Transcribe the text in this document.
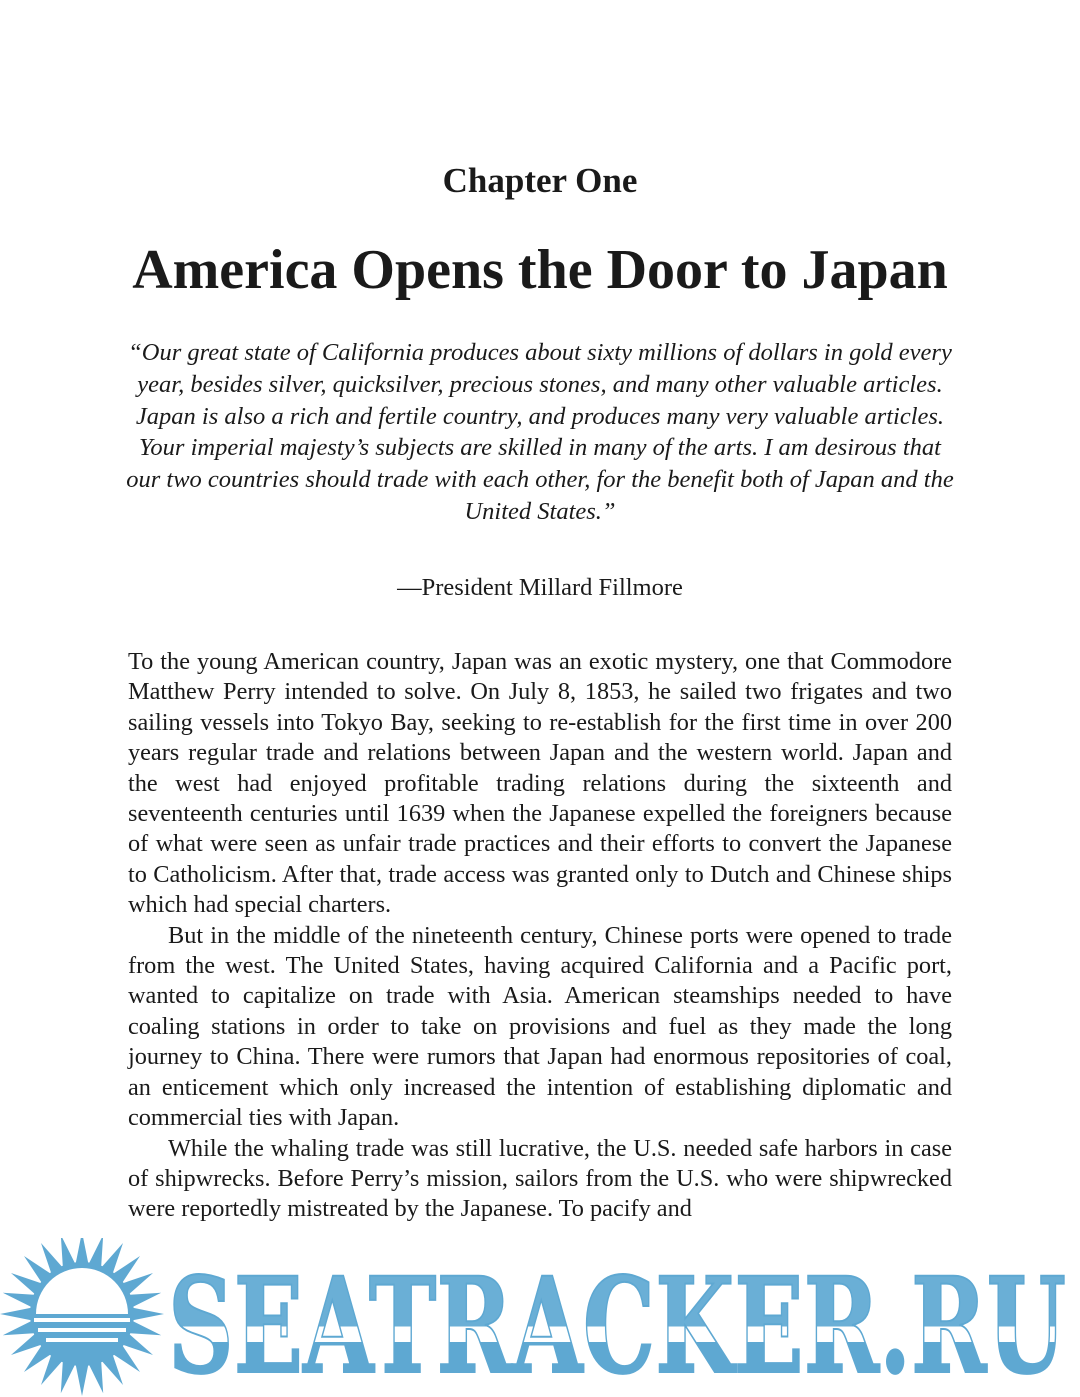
Chapter One
America Opens the Door to Japan

“Our great state of California produces about sixty millions of dollars in gold every year, besides silver, quicksilver, precious stones, and many other valuable articles. Japan is also a rich and fertile country, and produces many very valuable articles. Your imperial majesty’s subjects are skilled in many of the arts. I am desirous that our two countries should trade with each other, for the benefit both of Japan and the United States.”

—President Millard Fillmore

To the young American country, Japan was an exotic mystery, one that Commodore Matthew Perry intended to solve. On July 8, 1853, he sailed two frigates and two sailing vessels into Tokyo Bay, seeking to re-establish for the first time in over 200 years regular trade and relations between Japan and the western world. Japan and the west had enjoyed profitable trading relations during the sixteenth and seventeenth centuries until 1639 when the Japanese expelled the foreigners because of what were seen as unfair trade practices and their efforts to convert the Japanese to Catholicism. After that, trade access was granted only to Dutch and Chinese ships which had special charters.

But in the middle of the nineteenth century, Chinese ports were opened to trade from the west. The United States, having acquired California and a Pacific port, wanted to capitalize on trade with Asia. American steamships needed to have coaling stations in order to take on provisions and fuel as they made the long journey to China. There were rumors that Japan had enormous repositories of coal, an enticement which only increased the intention of establishing diplomatic and commercial ties with Japan.

While the whaling trade was still lucrative, the U.S. needed safe harbors in case of shipwrecks. Before Perry’s mission, sailors from the U.S. who were shipwrecked were reportedly mistreated by the Japanese. To pacify and

SEATRACKER.RU
